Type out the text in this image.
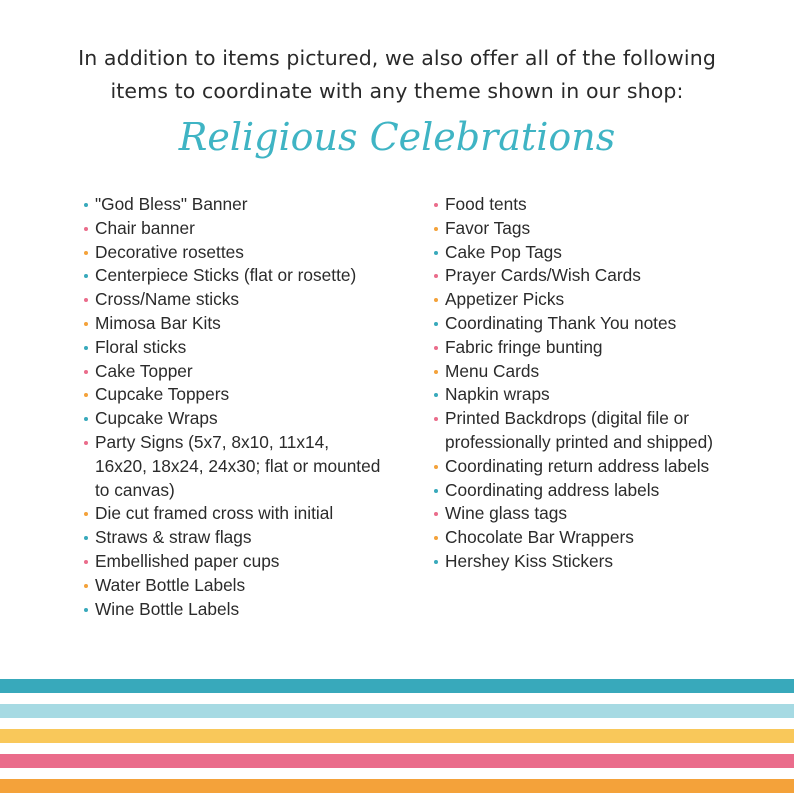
In addition to items pictured, we also offer all of the following
items to coordinate with any theme shown in our shop:
Religious Celebrations
"God Bless" Banner
Chair banner
Decorative rosettes
Centerpiece Sticks (flat or rosette)
Cross/Name sticks
Mimosa Bar Kits
Floral sticks
Cake Topper
Cupcake Toppers
Cupcake Wraps
Party Signs (5x7, 8x10, 11x14,
16x20, 18x24, 24x30; flat or mounted
to canvas)
Die cut framed cross with initial
Straws & straw flags
Embellished paper cups
Water Bottle Labels
Wine Bottle Labels
Food tents
Favor Tags
Cake Pop Tags
Prayer Cards/Wish Cards
Appetizer Picks
Coordinating Thank You notes
Fabric fringe bunting
Menu Cards
Napkin wraps
Printed Backdrops (digital file or
professionally printed and shipped)
Coordinating return address labels
Coordinating address labels
Wine glass tags
Chocolate Bar Wrappers
Hershey Kiss Stickers
